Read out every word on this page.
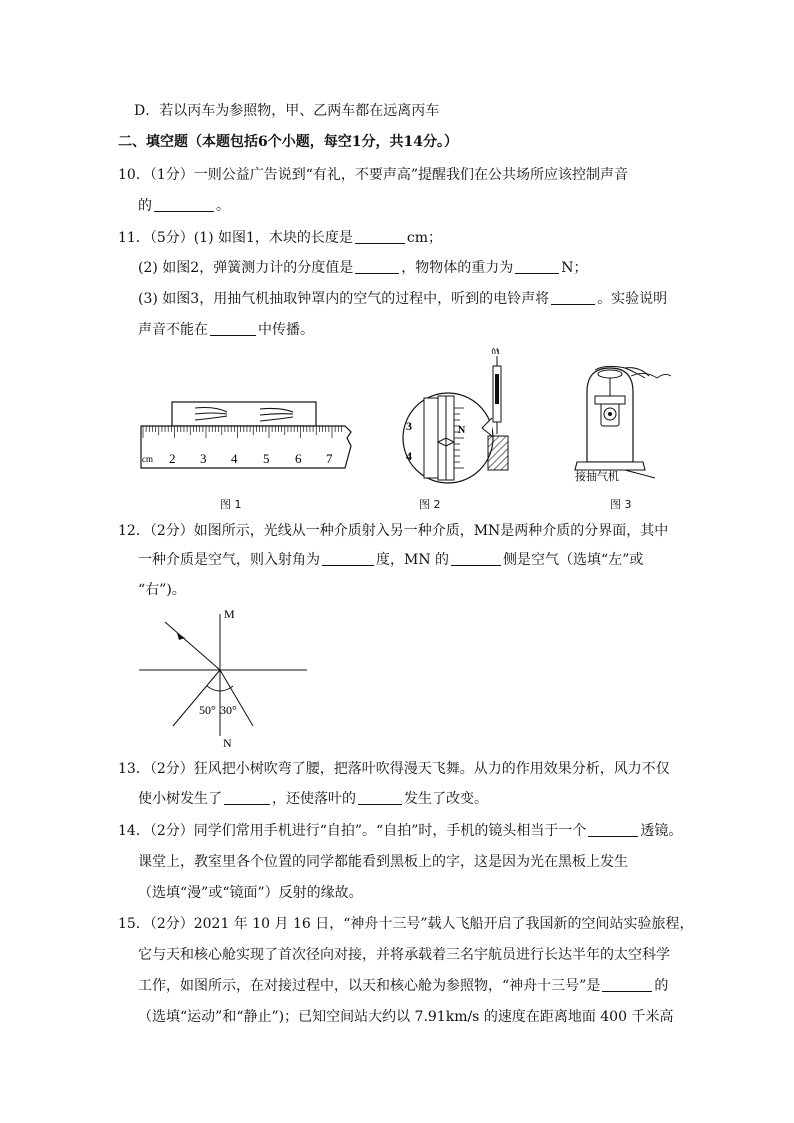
D．若以丙车为参照物，甲、乙两车都在远离丙车
二、填空题（本题包括6个小题，每空1分，共14分。）
10．（1分）一则公益广告说到“有礼，不要声高”提醒我们在公共场所应该控制声音
的	。
11．（5分）(1) 如图1，木块的长度是	cm；
(2) 如图2，弹簧测力计的分度值是	，物物体的重力为	N；
(3) 如图3，用抽气机抽取钟罩内的空气的过程中，听到的电铃声将	。实验说明
声音不能在	中传播。
cm 2 3 4 5 6 7
图 1
3
4
N
图 2
接抽气机
图 3
12．（2分）如图所示，光线从一种介质射入另一种介质，MN是两种介质的分界面，其中
一种介质是空气，则入射角为	度，MN 的	侧是空气（选填“左”或
“右”)。
M
N
50° 30°
13．（2分）狂风把小树吹弯了腰，把落叶吹得漫天飞舞。从力的作用效果分析，风力不仅
使小树发生了	，还使落叶的	发生了改变。
14．（2分）同学们常用手机进行“自拍”。“自拍”时，手机的镜头相当于一个	透镜。
课堂上，教室里各个位置的同学都能看到黑板上的字，这是因为光在黑板上发生
（选填“漫”或“镜面”）反射的缘故。
15．（2分）2021 年 10 月 16 日，“神舟十三号”载人飞船开启了我国新的空间站实验旅程，
它与天和核心舱实现了首次径向对接，并将承载着三名宇航员进行长达半年的太空科学
工作，如图所示，在对接过程中，以天和核心舱为参照物，“神舟十三号”是	的
（选填“运动”和“静止”)；已知空间站大约以 7.91km/s 的速度在距离地面 400 千米高
